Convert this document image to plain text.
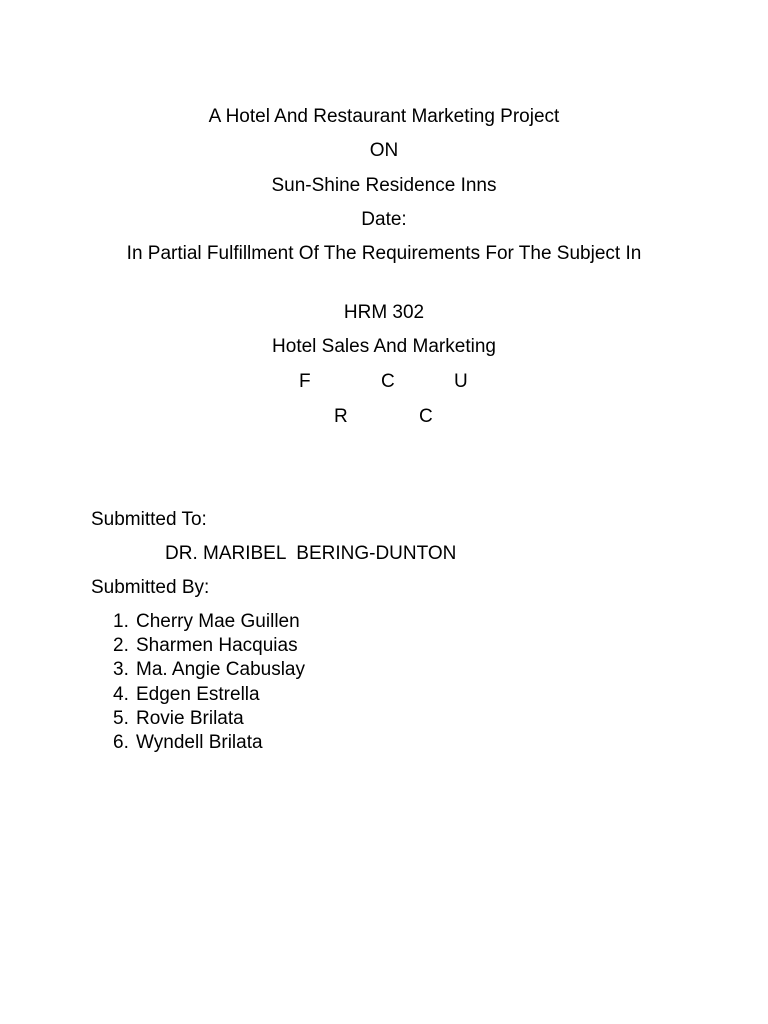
A Hotel And Restaurant Marketing Project
ON
Sun-Shine Residence Inns
Date:
In Partial Fulfillment Of The Requirements For The Subject In
HRM 302
Hotel Sales And Marketing
F	C	U
R	C
Submitted To:
DR. MARIBEL  BERING-DUNTON
Submitted By:
1. Cherry Mae Guillen
2. Sharmen Hacquias
3. Ma. Angie Cabuslay
4. Edgen Estrella
5. Rovie Brilata
6. Wyndell Brilata
